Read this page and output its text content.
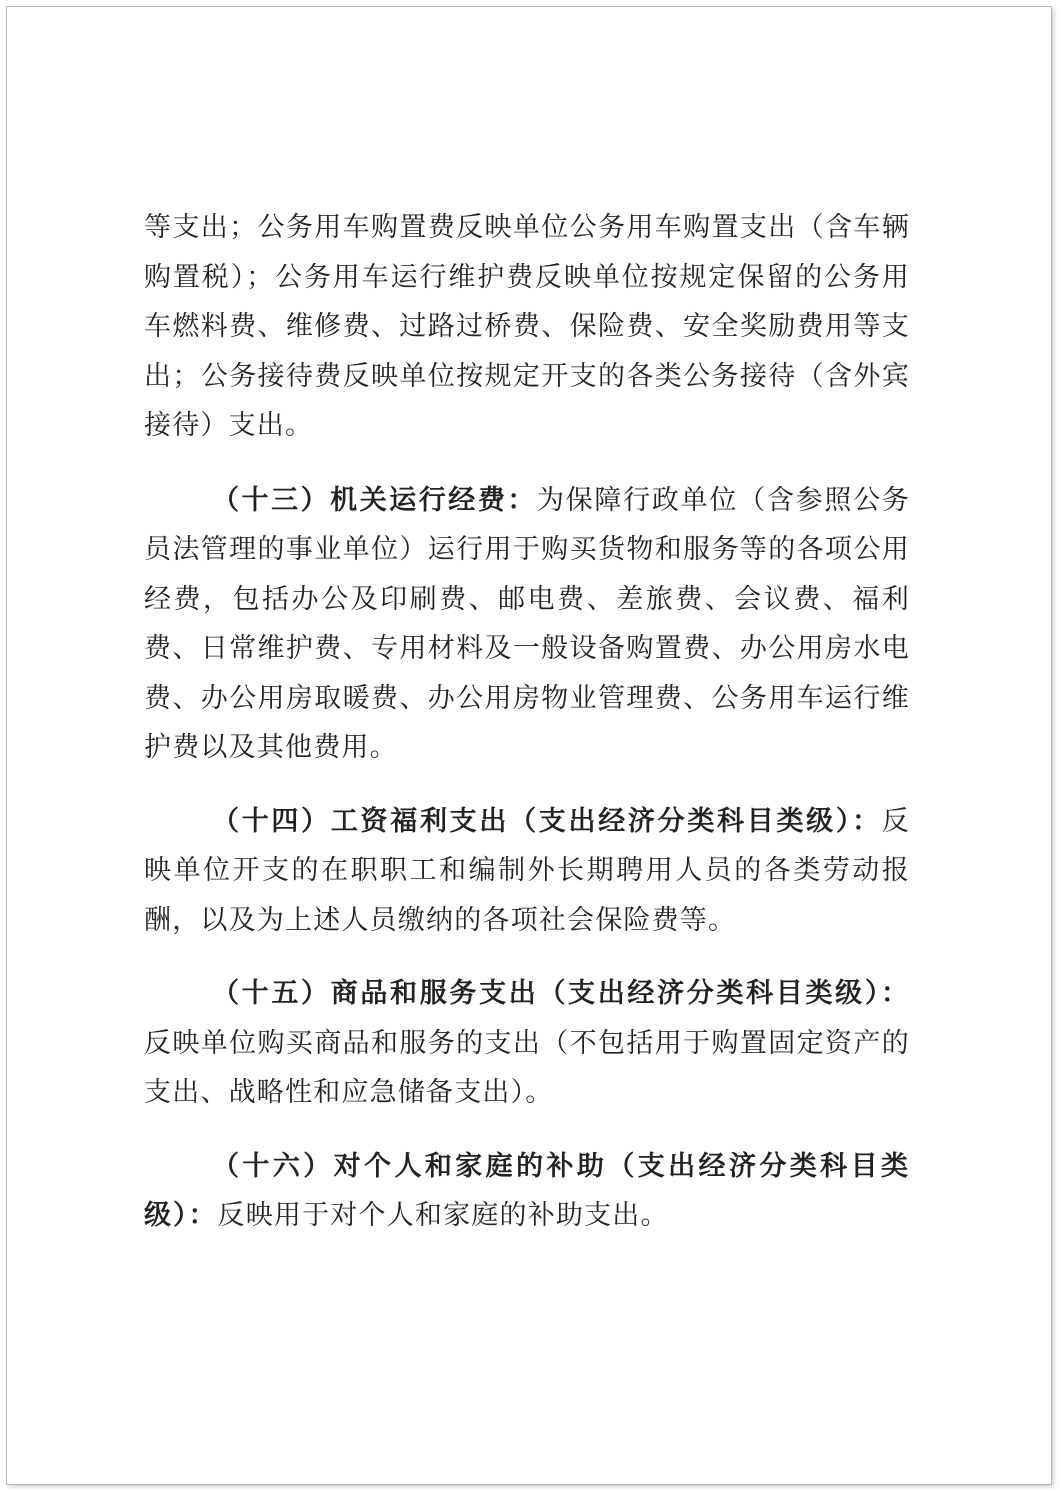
等支出；公务用车购置费反映单位公务用车购置支出（含车辆购置税）；公务用车运行维护费反映单位按规定保留的公务用车燃料费、维修费、过路过桥费、保险费、安全奖励费用等支出；公务接待费反映单位按规定开支的各类公务接待（含外宾接待）支出。

（十三）机关运行经费：为保障行政单位（含参照公务员法管理的事业单位）运行用于购买货物和服务等的各项公用经费，包括办公及印刷费、邮电费、差旅费、会议费、福利费、日常维护费、专用材料及一般设备购置费、办公用房水电费、办公用房取暖费、办公用房物业管理费、公务用车运行维护费以及其他费用。

（十四）工资福利支出（支出经济分类科目类级）：反映单位开支的在职职工和编制外长期聘用人员的各类劳动报酬，以及为上述人员缴纳的各项社会保险费等。

（十五）商品和服务支出（支出经济分类科目类级）：反映单位购买商品和服务的支出（不包括用于购置固定资产的支出、战略性和应急储备支出）。

（十六）对个人和家庭的补助（支出经济分类科目类级）：反映用于对个人和家庭的补助支出。
